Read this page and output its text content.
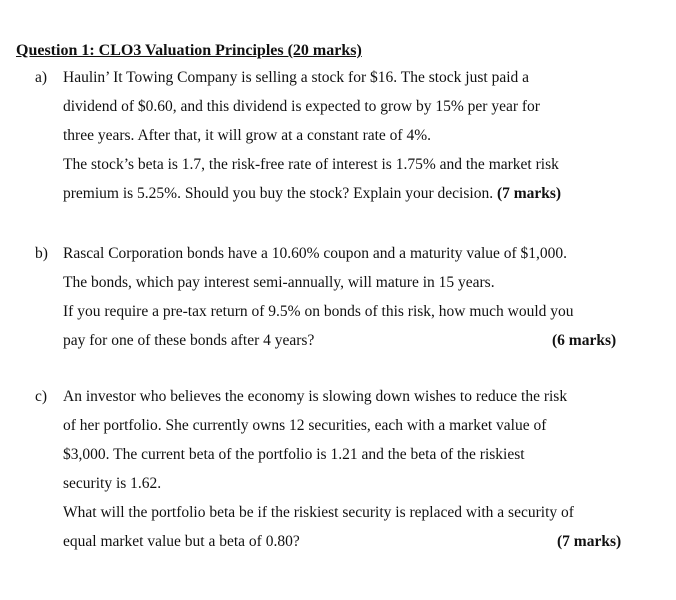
Question 1: CLO3 Valuation Principles (20 marks)
a) Haulin’ It Towing Company is selling a stock for $16. The stock just paid a
dividend of $0.60, and this dividend is expected to grow by 15% per year for
three years. After that, it will grow at a constant rate of 4%.
The stock’s beta is 1.7, the risk-free rate of interest is 1.75% and the market risk
premium is 5.25%. Should you buy the stock? Explain your decision. (7 marks)
b) Rascal Corporation bonds have a 10.60% coupon and a maturity value of $1,000.
The bonds, which pay interest semi-annually, will mature in 15 years.
If you require a pre-tax return of 9.5% on bonds of this risk, how much would you
pay for one of these bonds after 4 years?	(6 marks)
c) An investor who believes the economy is slowing down wishes to reduce the risk
of her portfolio. She currently owns 12 securities, each with a market value of
$3,000. The current beta of the portfolio is 1.21 and the beta of the riskiest
security is 1.62.
What will the portfolio beta be if the riskiest security is replaced with a security of
equal market value but a beta of 0.80?	(7 marks)
